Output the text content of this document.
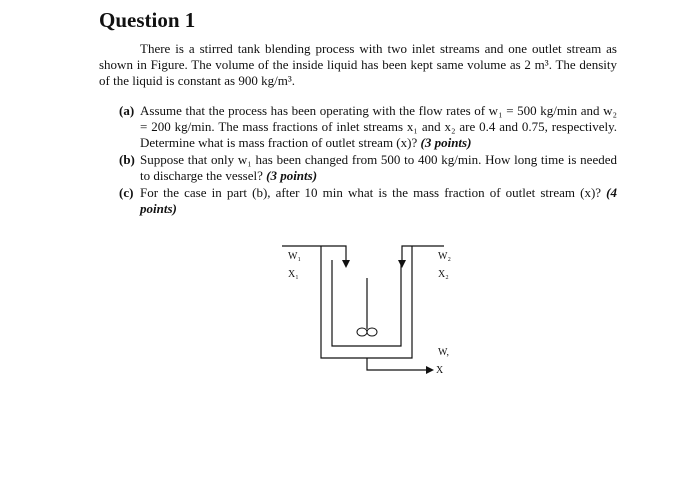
Question 1

There is a stirred tank blending process with two inlet streams and one outlet stream as shown in Figure. The volume of the inside liquid has been kept same volume as 2 m³. The density of the liquid is constant as 900 kg/m³.

(a) Assume that the process has been operating with the flow rates of w₁ = 500 kg/min and w₂ = 200 kg/min. The mass fractions of inlet streams x₁ and x₂ are 0.4 and 0.75, respectively. Determine what is mass fraction of outlet stream (x)? (3 points)
(b) Suppose that only w₁ has been changed from 500 to 400 kg/min. How long time is needed to discharge the vessel? (3 points)
(c) For the case in part (b), after 10 min what is the mass fraction of outlet stream (x)? (4 points)
W₁
X₁
W₂
X₂
W,
X
